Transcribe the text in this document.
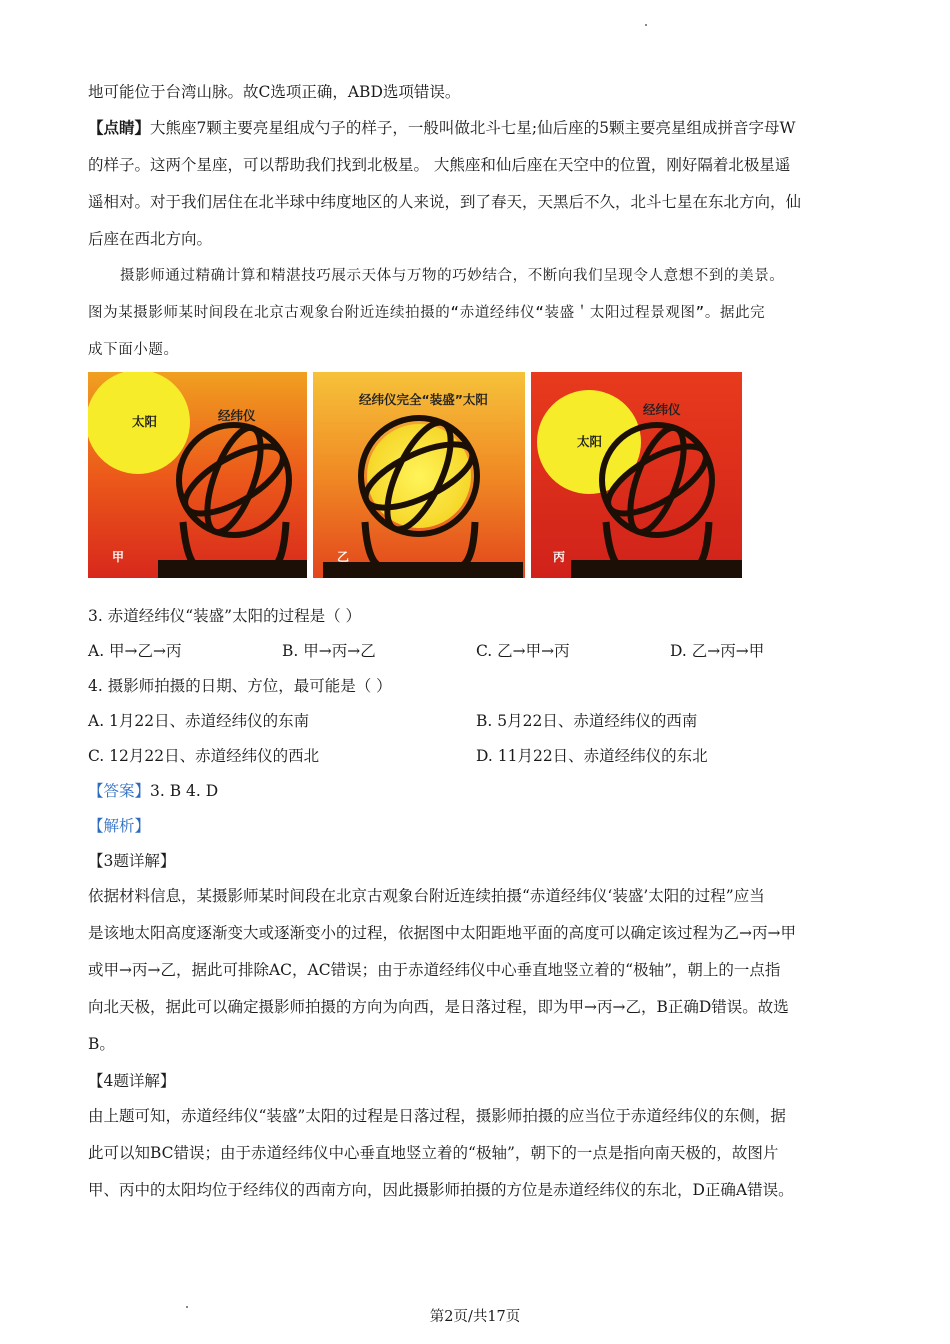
地可能位于台湾山脉。故C选项正确，ABD选项错误。
【点睛】大熊座7颗主要亮星组成勺子的样子，一般叫做北斗七星;仙后座的5颗主要亮星组成拼音字母W
的样子。这两个星座，可以帮助我们找到北极星。 大熊座和仙后座在天空中的位置，刚好隔着北极星遥
遥相对。对于我们居住在北半球中纬度地区的人来说，到了春天，天黑后不久，北斗七星在东北方向，仙
后座在西北方向。
摄影师通过精确计算和精湛技巧展示天体与万物的巧妙结合，不断向我们呈现令人意想不到的美景。
图为某摄影师某时间段在北京古观象台附近连续拍摄的“赤道经纬仪“装盛＇太阳过程景观图”。据此完
成下面小题。
太阳	经纬仪
甲
经纬仪完全“装盛”太阳
乙
太阳
经纬仪
丙
3. 赤道经纬仪“装盛”太阳的过程是（ ）
A. 甲→乙→丙	B. 甲→丙→乙	C. 乙→甲→丙	D. 乙→丙→甲
4. 摄影师拍摄的日期、方位，最可能是（ ）
A. 1月22日、赤道经纬仪的东南	B. 5月22日、赤道经纬仪的西南
C. 12月22日、赤道经纬仪的西北	D. 11月22日、赤道经纬仪的东北
【答案】3. B 4. D
【解析】
【3题详解】
依据材料信息，某摄影师某时间段在北京古观象台附近连续拍摄“赤道经纬仪‘装盛’太阳的过程”应当
是该地太阳高度逐渐变大或逐渐变小的过程，依据图中太阳距地平面的高度可以确定该过程为乙→丙→甲
或甲→丙→乙，据此可排除AC，AC错误；由于赤道经纬仪中心垂直地竖立着的“极轴”，朝上的一点指
向北天极，据此可以确定摄影师拍摄的方向为向西，是日落过程，即为甲→丙→乙，B正确D错误。故选
B。
【4题详解】
由上题可知，赤道经纬仪“装盛”太阳的过程是日落过程，摄影师拍摄的应当位于赤道经纬仪的东侧，据
此可以知BC错误；由于赤道经纬仪中心垂直地竖立着的“极轴”，朝下的一点是指向南天极的，故图片
甲、丙中的太阳均位于经纬仪的西南方向，因此摄影师拍摄的方位是赤道经纬仪的东北，D正确A错误。
第2页/共17页
